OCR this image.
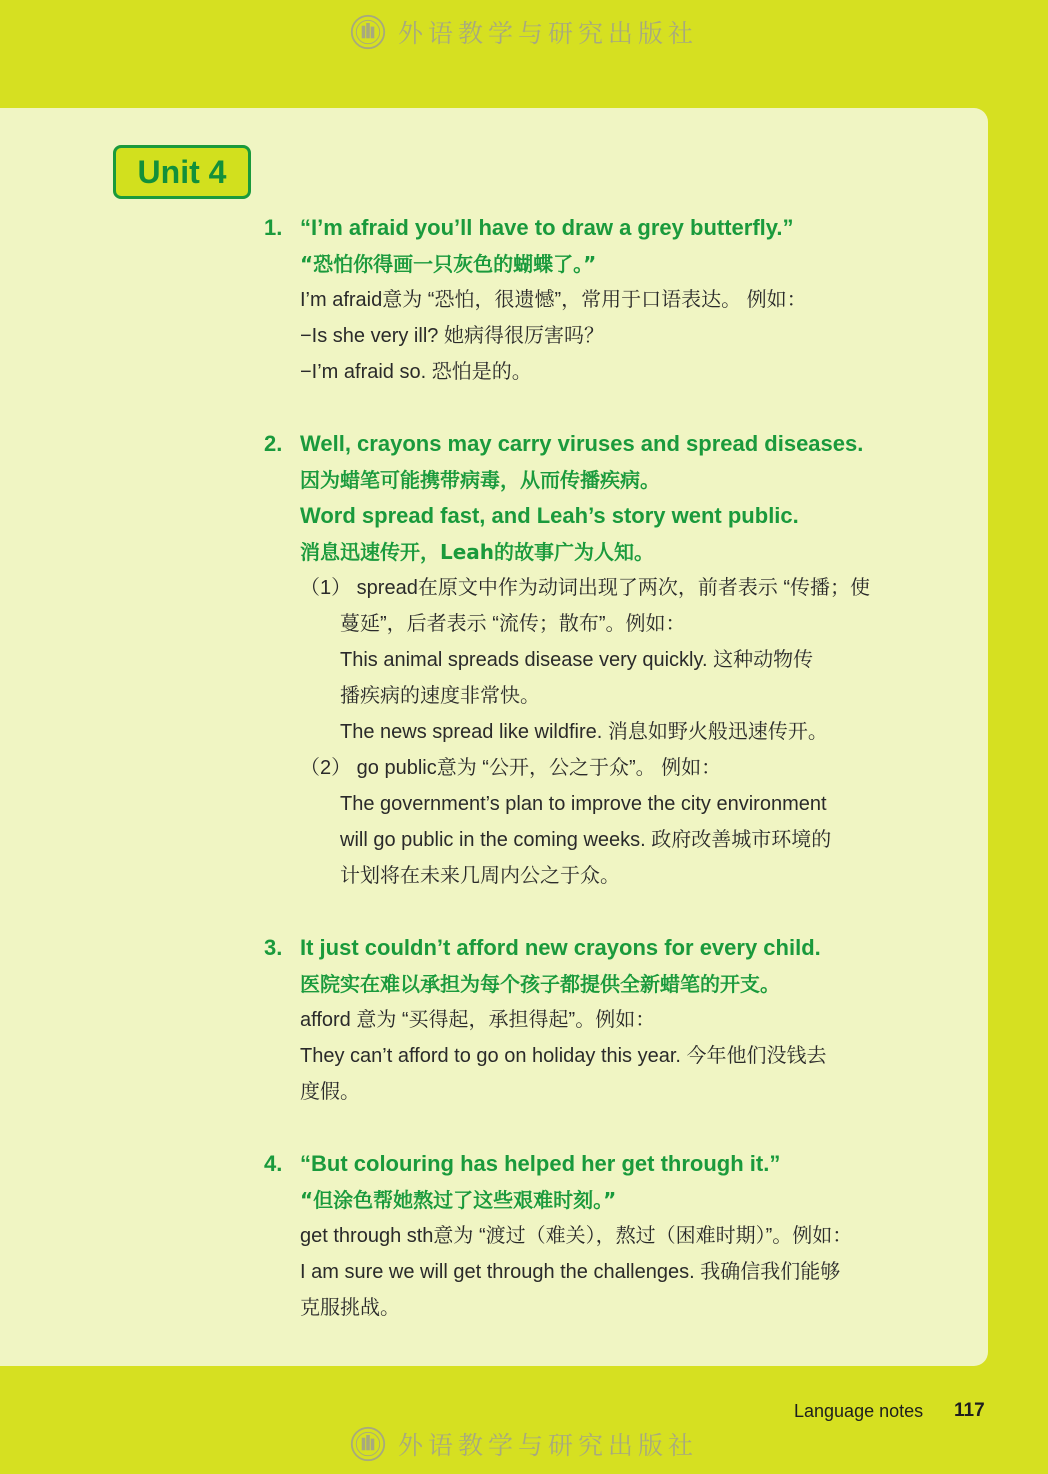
外语教学与研究出版社
Unit 4
1. “I’m afraid you’ll have to draw a grey butterfly.”
“恐怕你得画一只灰色的蝴蝶了。”
I’m afraid意为 “恐怕，很遗憾”，常用于口语表达。 例如：
−Is she very ill? 她病得很厉害吗？
−I’m afraid so. 恐怕是的。
2. Well, crayons may carry viruses and spread diseases.
因为蜡笔可能携带病毒，从而传播疾病。
Word spread fast, and Leah’s story went public.
消息迅速传开，Leah的故事广为人知。
（1） spread在原文中作为动词出现了两次，前者表示 “传播；使
蔓延”，后者表示 “流传；散布”。例如：
This animal spreads disease very quickly. 这种动物传
播疾病的速度非常快。
The news spread like wildfire. 消息如野火般迅速传开。
（2） go public意为 “公开，公之于众”。 例如：
The government’s plan to improve the city environment
will go public in the coming weeks. 政府改善城市环境的
计划将在未来几周内公之于众。
3. It just couldn’t afford new crayons for every child.
医院实在难以承担为每个孩子都提供全新蜡笔的开支。
afford 意为 “买得起，承担得起”。例如：
They can’t afford to go on holiday this year. 今年他们没钱去
度假。
4. “But colouring has helped her get through it.”
“但涂色帮她熬过了这些艰难时刻。”
get through sth意为 “渡过（难关），熬过（困难时期）”。例如：
I am sure we will get through the challenges. 我确信我们能够
克服挑战。
Language notes 117
外语教学与研究出版社
